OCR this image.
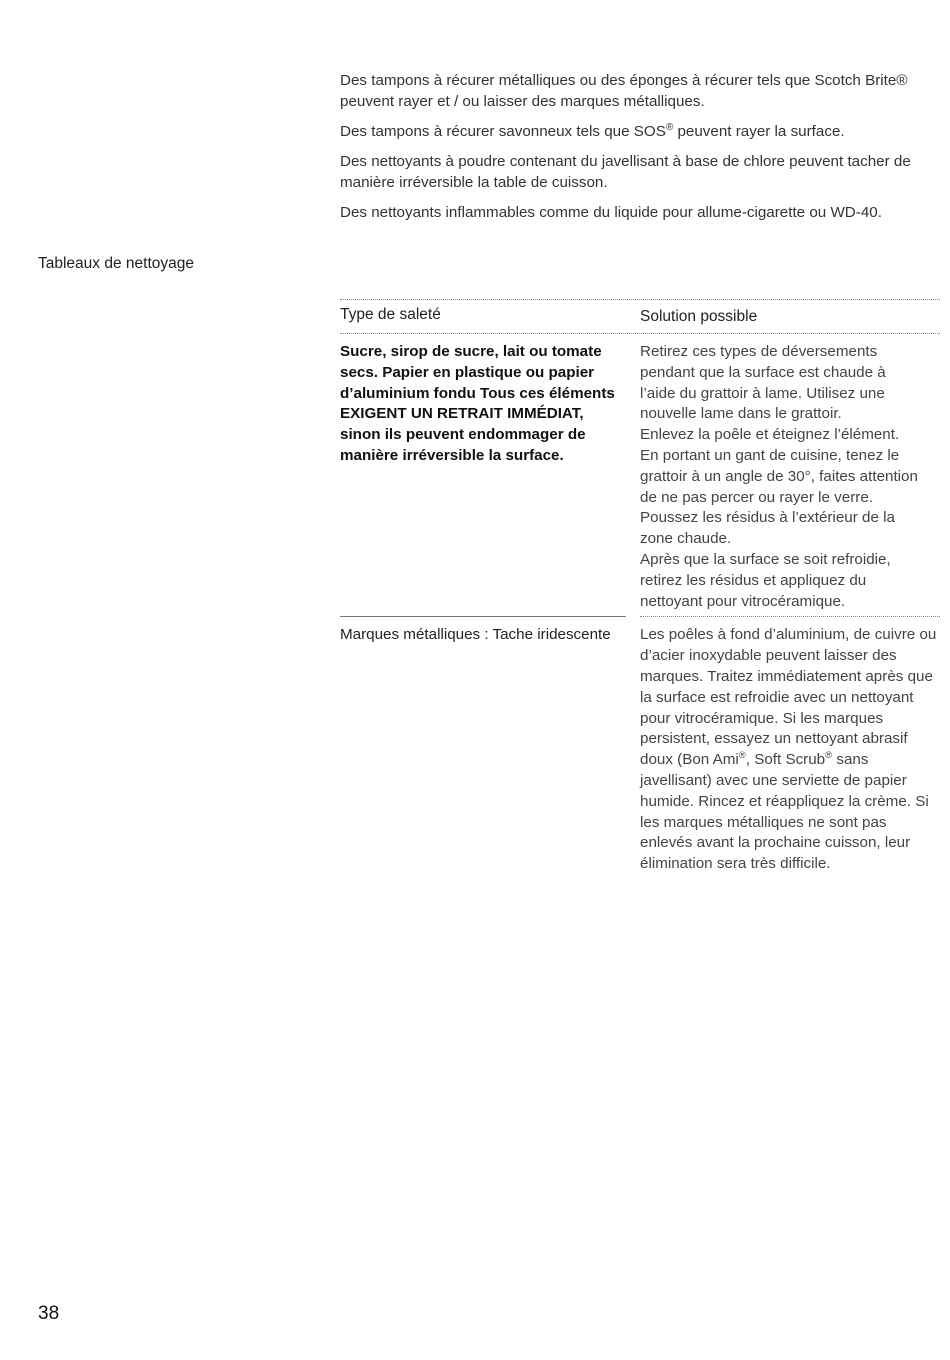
Des tampons à récurer métalliques ou des éponges à récurer tels que Scotch Brite® peuvent rayer et / ou laisser des marques métalliques.

Des tampons à récurer savonneux tels que SOS® peuvent rayer la surface.

Des nettoyants à poudre contenant du javellisant à base de chlore peuvent tacher de manière irréversible la table de cuisson.

Des nettoyants inflammables comme du liquide pour allume-cigarette ou WD-40.

Tableaux de nettoyage
Type de saleté	Solution possible
Sucre, sirop de sucre, lait ou tomate secs. Papier en plastique ou papier d’aluminium fondu Tous ces éléments EXIGENT UN RETRAIT IMMÉDIAT, sinon ils peuvent endommager de manière irréversible la surface.
Retirez ces types de déversements
pendant que la surface est chaude à
l’aide du grattoir à lame. Utilisez une
nouvelle lame dans le grattoir.
Enlevez la poêle et éteignez l’élément.
En portant un gant de cuisine, tenez le
grattoir à un angle de 30°, faites attention
de ne pas percer ou rayer le verre.
Poussez les résidus à l’extérieur de la
zone chaude.
Après que la surface se soit refroidie,
retirez les résidus et appliquez du
nettoyant pour vitrocéramique.
Marques métalliques : Tache iridescente	Les poêles à fond d’aluminium, de cuivre ou d’acier inoxydable peuvent laisser des marques. Traitez immédiatement après que la surface est refroidie avec un nettoyant pour vitrocéramique. Si les marques persistent, essayez un nettoyant abrasif doux (Bon Ami®, Soft Scrub® sans javellisant) avec une serviette de papier humide. Rincez et réappliquez la crème. Si les marques métalliques ne sont pas enlevés avant la prochaine cuisson, leur élimination sera très difficile.
38
